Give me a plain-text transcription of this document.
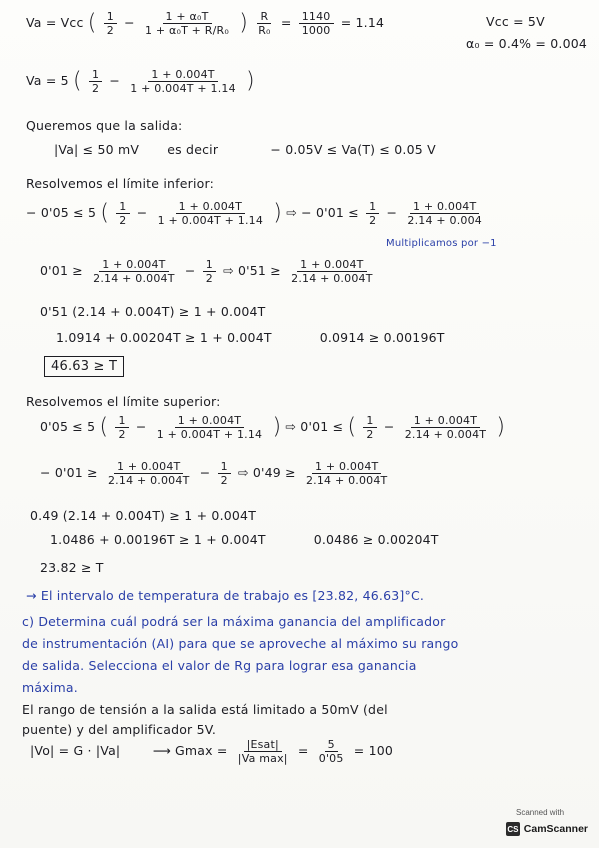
Va = Vcc ( $\frac{1}{2} - \frac{\text{1 + α₀T}}{\text{1 + α₀T + R/R₀}}$ ) $\frac{R}{\text{R₀}} = \frac{1140}{1000} = 1.14$	Vcc = 5V
α₀ = 0.4% = 0.004
Va = 5 ( $\frac{1}{2} - \frac{1 + 0.004T}{1 + 0.004T + 1.14}$ )
Queremos que la salida:
|Va| ≤ 50 mV es decir	− 0.05V ≤ Va(T) ≤ 0.05 V
Resolvemos el límite inferior:
− 0'05 ≤ 5 ( $\frac{1}{2} - \frac{1 + 0.004T}{1 + 0.004T + 1.14}$ ) ⇨ − $0'01 \le \frac{1}{2} - \frac{1 + 0.004T}{2.14 + 0.004}$
Multiplicamos por −1
$0'01 \ge \frac{1 + 0.004T}{2.14 + 0.004T} - \frac{1}{2}$ ⇨ $0'51 \ge \frac{1 + 0.004T}{2.14 + 0.004T}$
0'51 (2.14 + 0.004T) ≥ 1 + 0.004T
1.0914 + 0.00204T ≥ 1 + 0.004T	0.0914 ≥ 0.00196T
46.63 ≥ T
Resolvemos el límite superior:
0'05 ≤ 5 ( $\frac{1}{2} - \frac{1 + 0.004T}{1 + 0.004T + 1.14}$ ) ⇨ 0'01 ≤ ( $\frac{1}{2} - \frac{1 + 0.004T}{2.14 + 0.004T}$ )
− $0'01 \ge \frac{1 + 0.004T}{2.14 + 0.004T} - \frac{1}{2}$ ⇨ $0'49 \ge \frac{1 + 0.004T}{2.14 + 0.004T}$
0.49 (2.14 + 0.004T) ≥ 1 + 0.004T
1.0486 + 0.00196T ≥ 1 + 0.004T	0.0486 ≥ 0.00204T
23.82 ≥ T
→ El intervalo de temperatura de trabajo es [23.82, 46.63]°C.
c) Determina cuál podrá ser la máxima ganancia del amplificador
de instrumentación (AI) para que se aproveche al máximo su rango
de salida. Selecciona el valor de Rg para lograr esa ganancia
máxima.
El rango de tensión a la salida está limitado a 50mV (del
puente) y del amplificador 5V.
|Vo| = G · |Va|	⟶ $Gmax = \frac{\text{|Esat|}}{\text{|Va max|}} = \frac{5}{0'05} = 100$
Scanned with
CS CamScanner
